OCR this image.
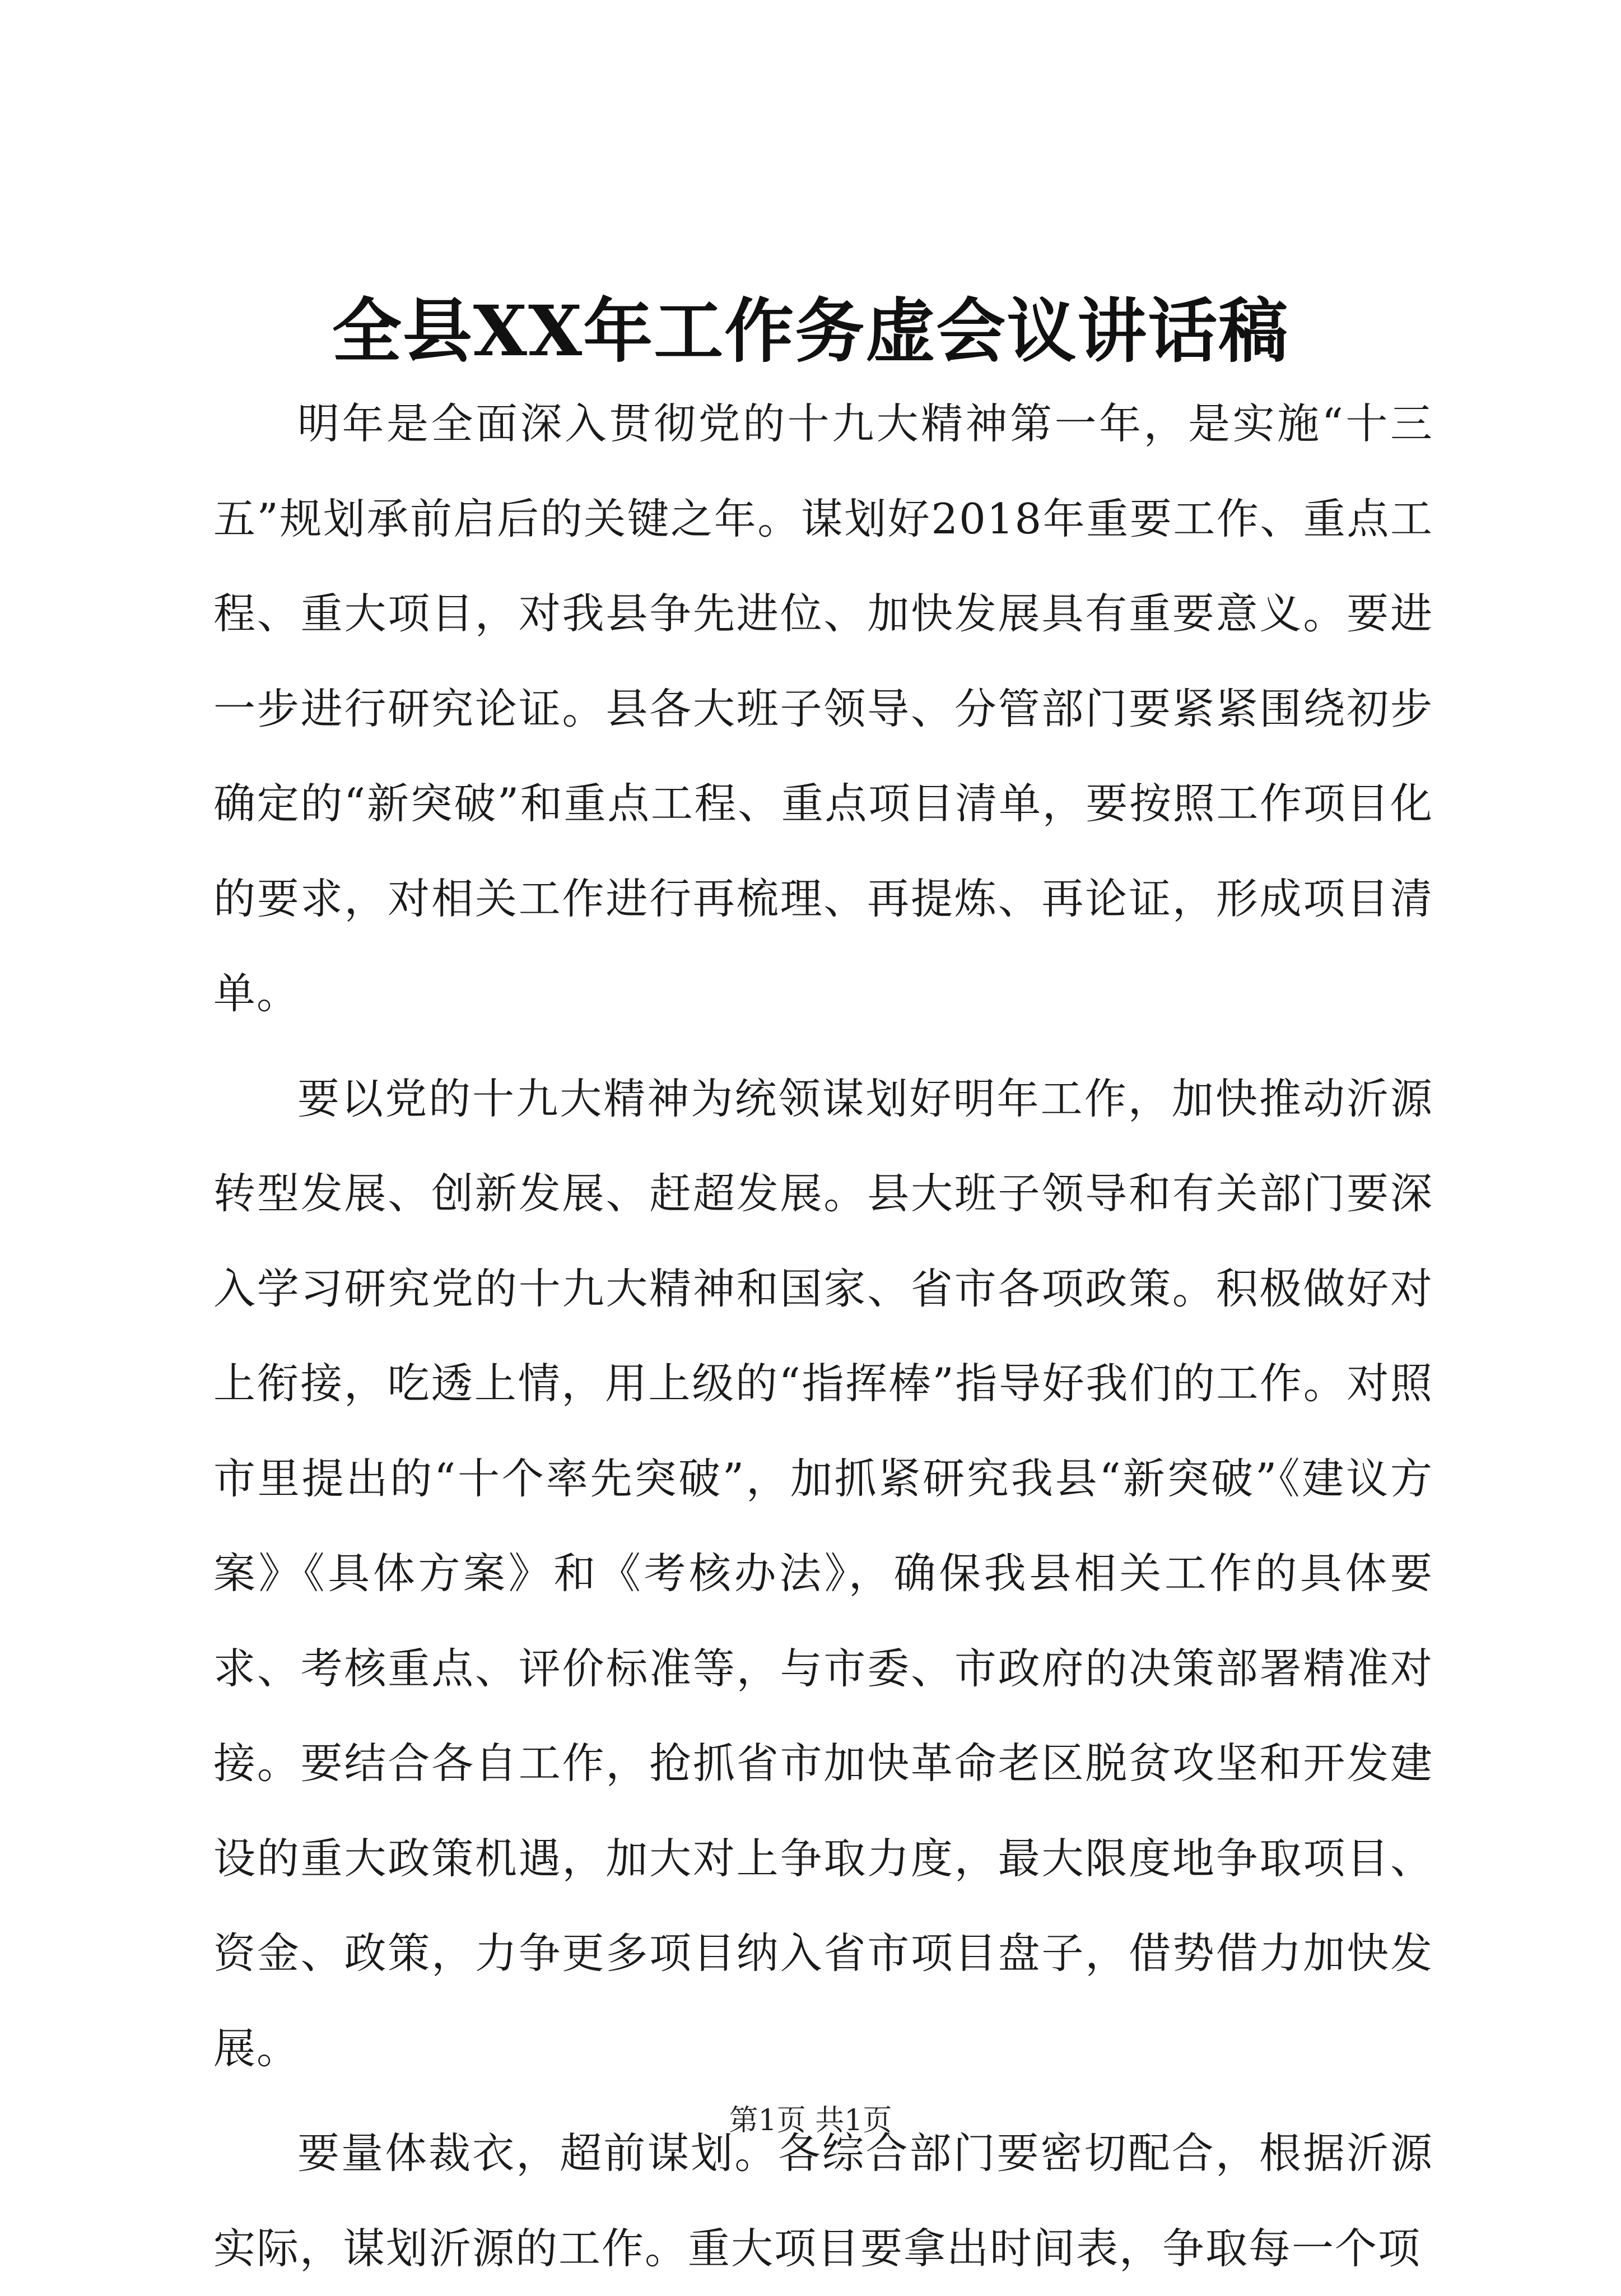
全县XX年工作务虚会议讲话稿

明年是全面深入贯彻党的十九大精神第一年，是实施“十三五”规划承前启后的关键之年。谋划好2018年重要工作、重点工程、重大项目，对我县争先进位、加快发展具有重要意义。要进一步进行研究论证。县各大班子领导、分管部门要紧紧围绕初步确定的“新突破”和重点工程、重点项目清单，要按照工作项目化的要求，对相关工作进行再梳理、再提炼、再论证，形成项目清单。

要以党的十九大精神为统领谋划好明年工作，加快推动沂源转型发展、创新发展、赶超发展。县大班子领导和有关部门要深入学习研究党的十九大精神和国家、省市各项政策。积极做好对上衔接，吃透上情，用上级的“指挥棒”指导好我们的工作。对照市里提出的“十个率先突破”，加抓紧研究我县“新突破”《建议方案》《具体方案》和《考核办法》，确保我县相关工作的具体要求、考核重点、评价标准等，与市委、市政府的决策部署精准对接。要结合各自工作，抢抓省市加快革命老区脱贫攻坚和开发建设的重大政策机遇，加大对上争取力度，最大限度地争取项目、资金、政策，力争更多项目纳入省市项目盘子，借势借力加快发展。

要量体裁衣，超前谋划。各综合部门要密切配合，根据沂源实际，谋划沂源的工作。重大项目要拿出时间表，争取每一个项

第1页 共1页
